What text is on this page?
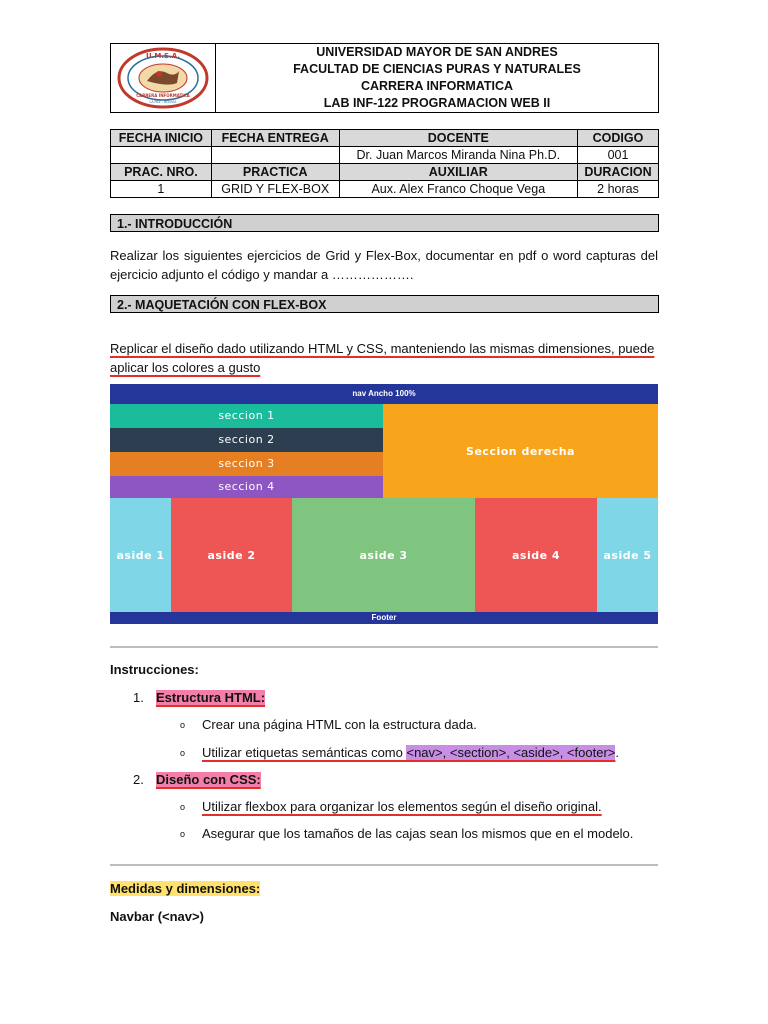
U.M.S.A.
CARRERA INFORMATICA
LA PAZ - BOLIVIA
UNIVERSIDAD MAYOR DE SAN ANDRES
FACULTAD DE CIENCIAS PURAS Y NATURALES
CARRERA INFORMATICA
LAB INF-122 PROGRAMACION WEB II
FECHA INICIO	FECHA ENTREGA	DOCENTE	CODIGO
		Dr. Juan Marcos Miranda Nina Ph.D.	001
PRAC. NRO.	PRACTICA	AUXILIAR	DURACION
1	GRID Y FLEX-BOX	Aux. Alex Franco Choque Vega	2 horas
1.- INTRODUCCIÓN
Realizar los siguientes ejercicios de Grid y Flex-Box, documentar en pdf o word capturas del ejercicio adjunto el código y mandar a ……………….
2.- MAQUETACIÓN CON FLEX-BOX
Replicar el diseño dado utilizando HTML y CSS, manteniendo las mismas dimensiones, puede aplicar los colores a gusto
nav Ancho 100%
seccion 1
seccion 2
seccion 3
seccion 4
Seccion derecha
aside 1	aside 2	aside 3	aside 4	aside 5
Footer
Instrucciones:
1. Estructura HTML:
o Crear una página HTML con la estructura dada.
o Utilizar etiquetas semánticas como <nav>, <section>, <aside>, <footer>.
2. Diseño con CSS:
o Utilizar flexbox para organizar los elementos según el diseño original.
o Asegurar que los tamaños de las cajas sean los mismos que en el modelo.
Medidas y dimensiones:
Navbar (<nav>)
